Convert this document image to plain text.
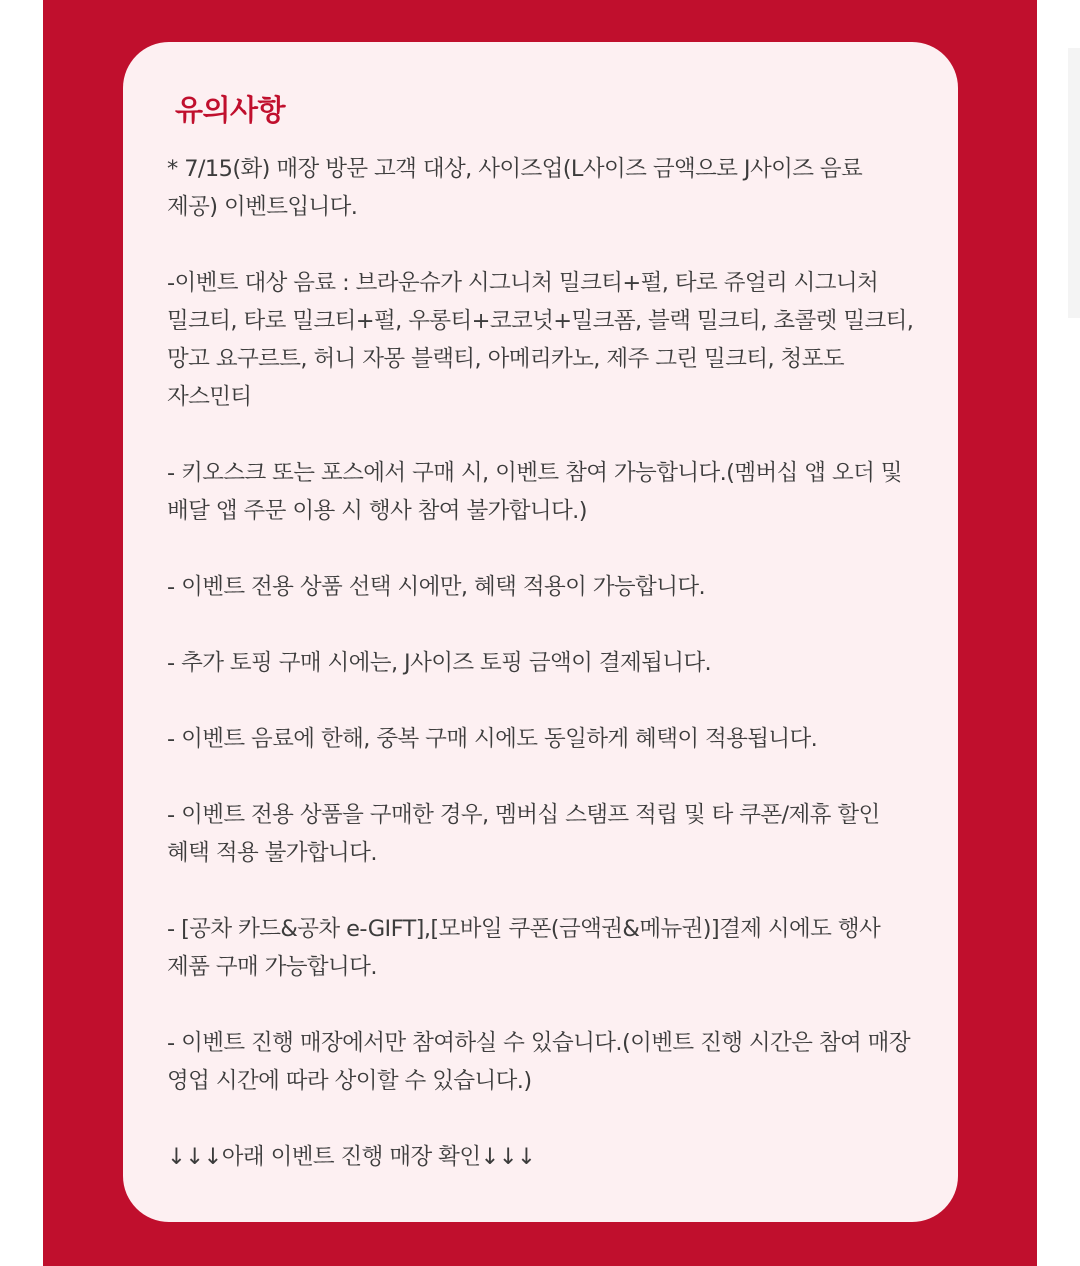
유의사항
* 7/15(화) 매장 방문 고객 대상, 사이즈업(L사이즈 금액으로 J사이즈 음료 제공) 이벤트입니다.
-이벤트 대상 음료 : 브라운슈가 시그니처 밀크티+펄, 타로 쥬얼리 시그니처 밀크티, 타로 밀크티+펄, 우롱티+코코넛+밀크폼, 블랙 밀크티, 초콜렛 밀크티, 망고 요구르트, 허니 자몽 블랙티, 아메리카노, 제주 그린 밀크티, 청포도 자스민티
- 키오스크 또는 포스에서 구매 시, 이벤트 참여 가능합니다.(멤버십 앱 오더 및 배달 앱 주문 이용 시 행사 참여 불가합니다.)
- 이벤트 전용 상품 선택 시에만, 혜택 적용이 가능합니다.
- 추가 토핑 구매 시에는, J사이즈 토핑 금액이 결제됩니다.
- 이벤트 음료에 한해, 중복 구매 시에도 동일하게 혜택이 적용됩니다.
- 이벤트 전용 상품을 구매한 경우, 멤버십 스탬프 적립 및 타 쿠폰/제휴 할인 혜택 적용 불가합니다.
- [공차 카드&공차 e-GIFT],[모바일 쿠폰(금액권&메뉴권)]결제 시에도 행사 제품 구매 가능합니다.
- 이벤트 진행 매장에서만 참여하실 수 있습니다.(이벤트 진행 시간은 참여 매장 영업 시간에 따라 상이할 수 있습니다.)

↓↓↓아래 이벤트 진행 매장 확인↓↓↓
